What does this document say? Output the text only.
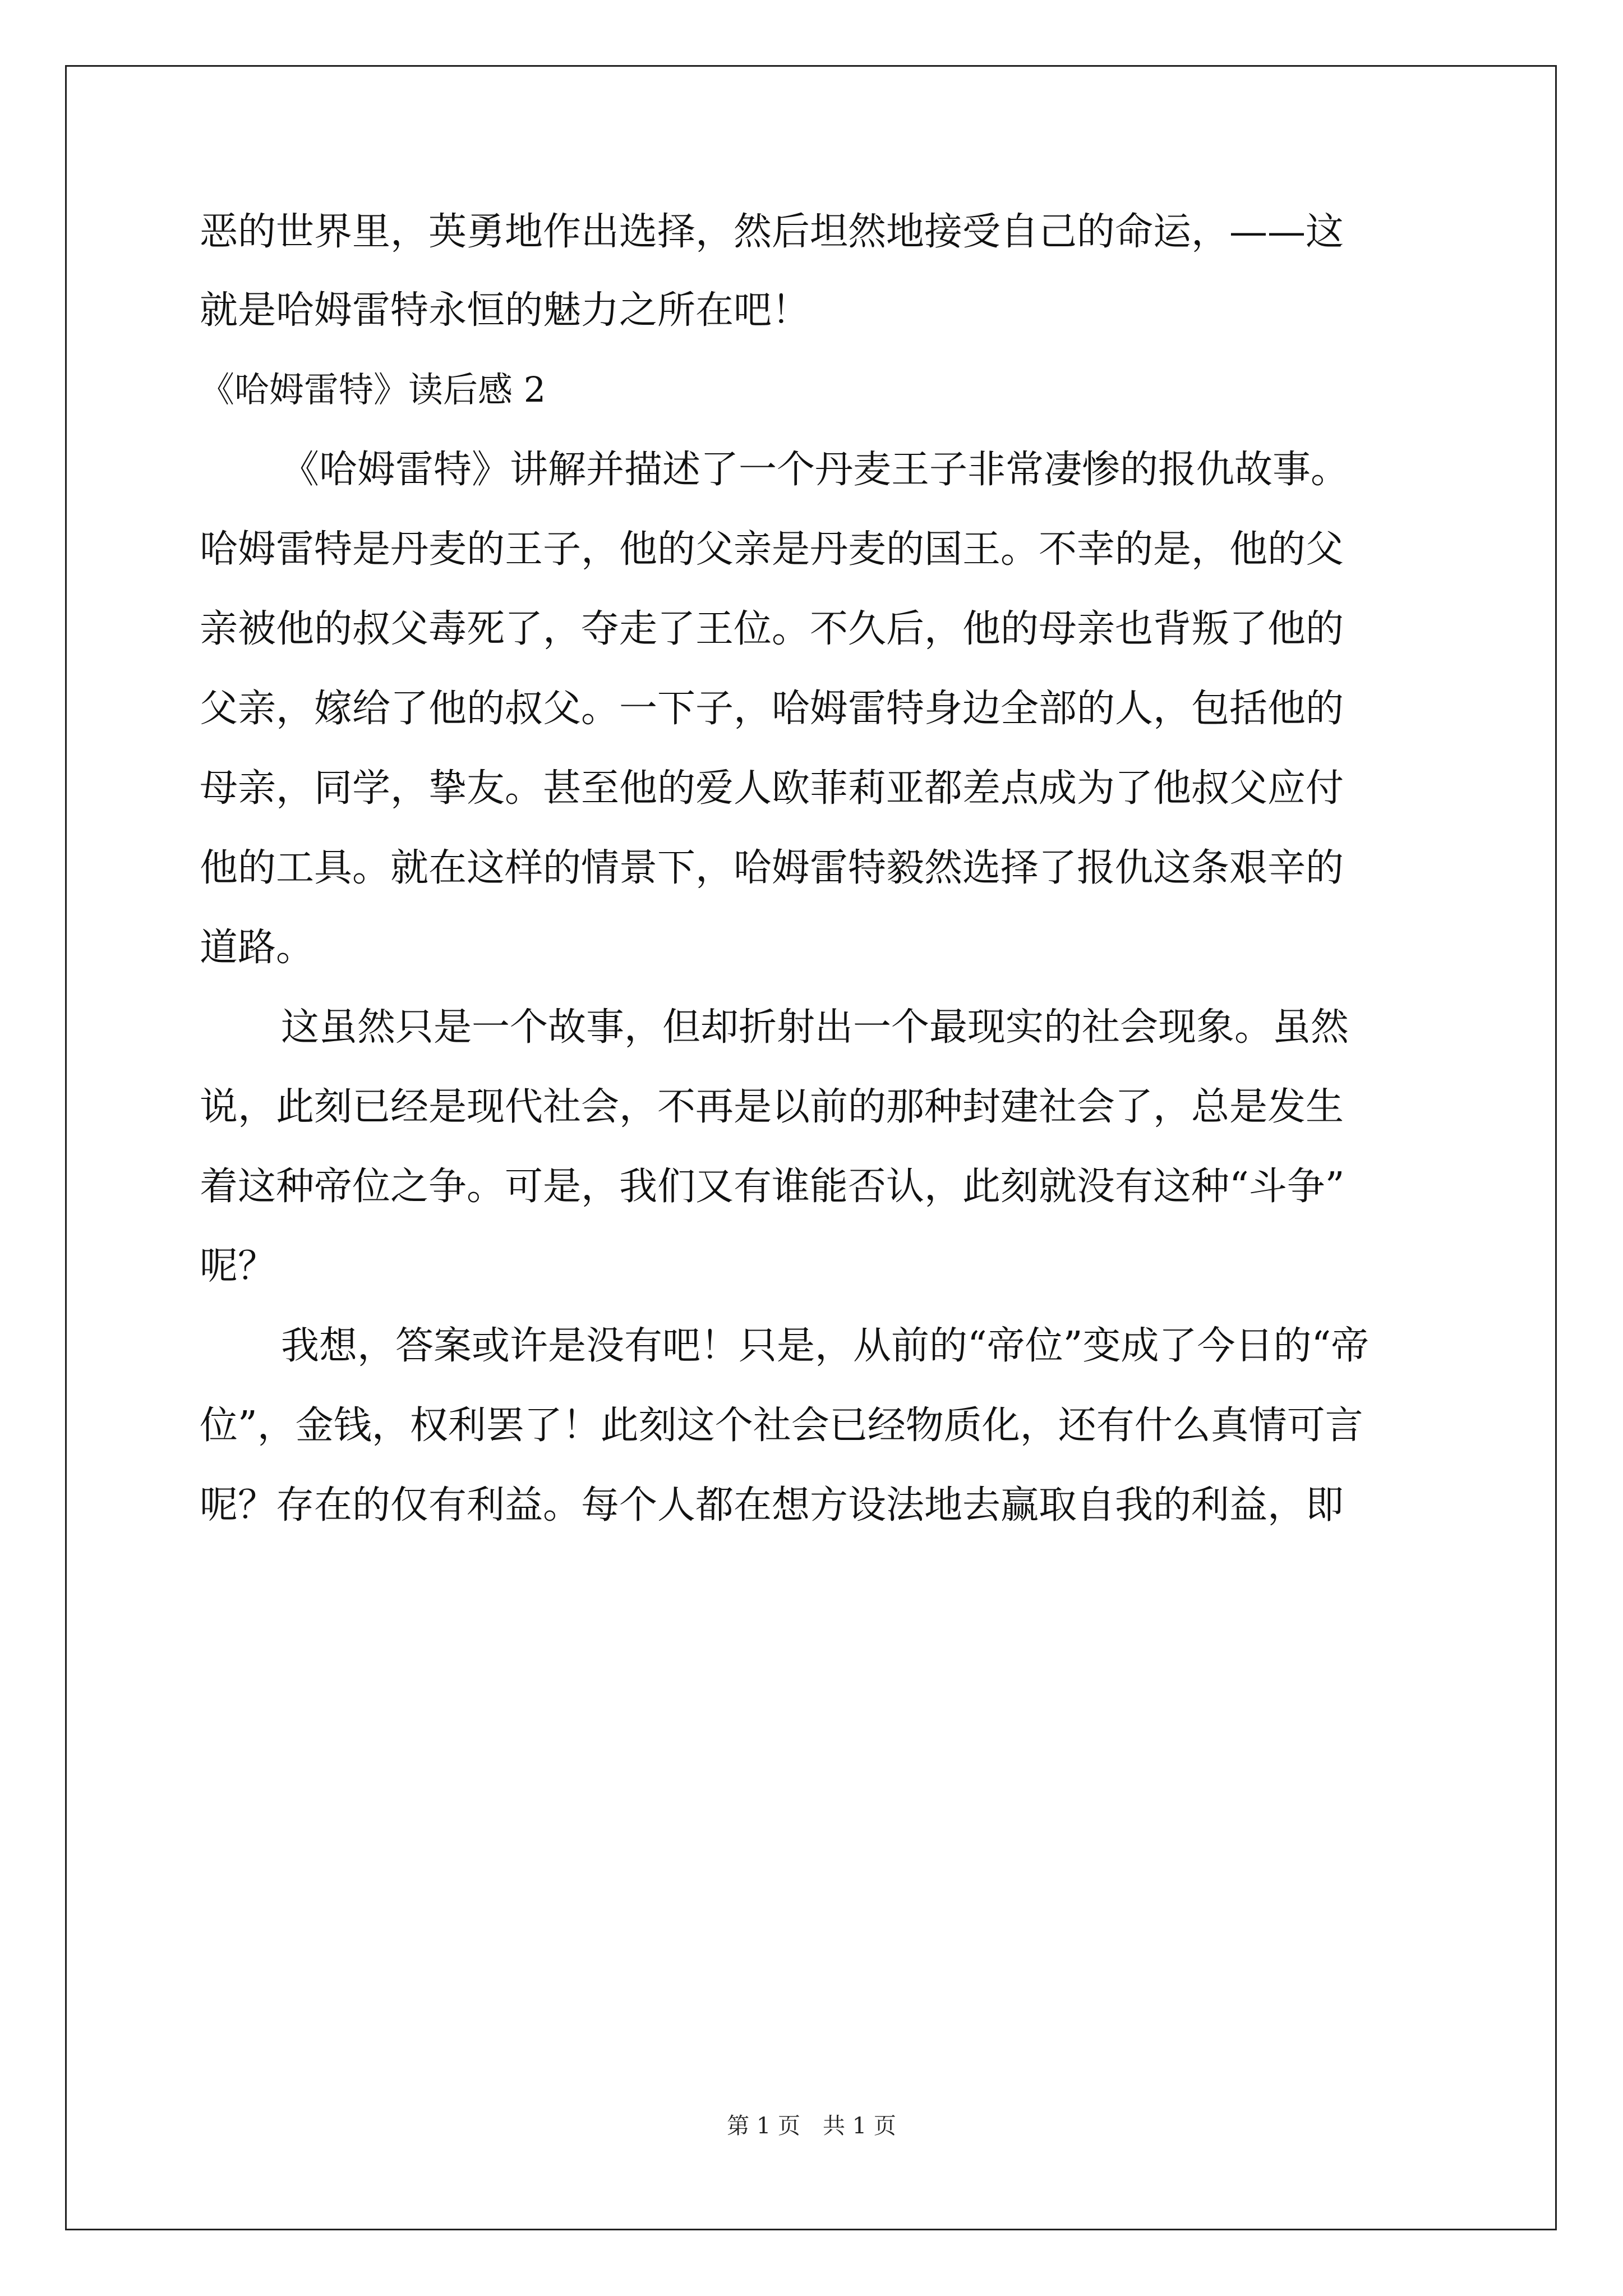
恶的世界里，英勇地作出选择，然后坦然地接受自己的命运，——这
就是哈姆雷特永恒的魅力之所在吧！
《哈姆雷特》读后感 2
《哈姆雷特》讲解并描述了一个丹麦王子非常凄惨的报仇故事。
哈姆雷特是丹麦的王子，他的父亲是丹麦的国王。不幸的是，他的父
亲被他的叔父毒死了，夺走了王位。不久后，他的母亲也背叛了他的
父亲，嫁给了他的叔父。一下子，哈姆雷特身边全部的人，包括他的
母亲，同学，挚友。甚至他的爱人欧菲莉亚都差点成为了他叔父应付
他的工具。就在这样的情景下，哈姆雷特毅然选择了报仇这条艰辛的
道路。
这虽然只是一个故事，但却折射出一个最现实的社会现象。虽然
说，此刻已经是现代社会，不再是以前的那种封建社会了，总是发生
着这种帝位之争。可是，我们又有谁能否认，此刻就没有这种“斗争”
呢？
我想，答案或许是没有吧！只是，从前的“帝位”变成了今日的“帝
位”，金钱，权利罢了！此刻这个社会已经物质化，还有什么真情可言
呢？存在的仅有利益。每个人都在想方设法地去赢取自我的利益，即
第 1 页　共 1 页
